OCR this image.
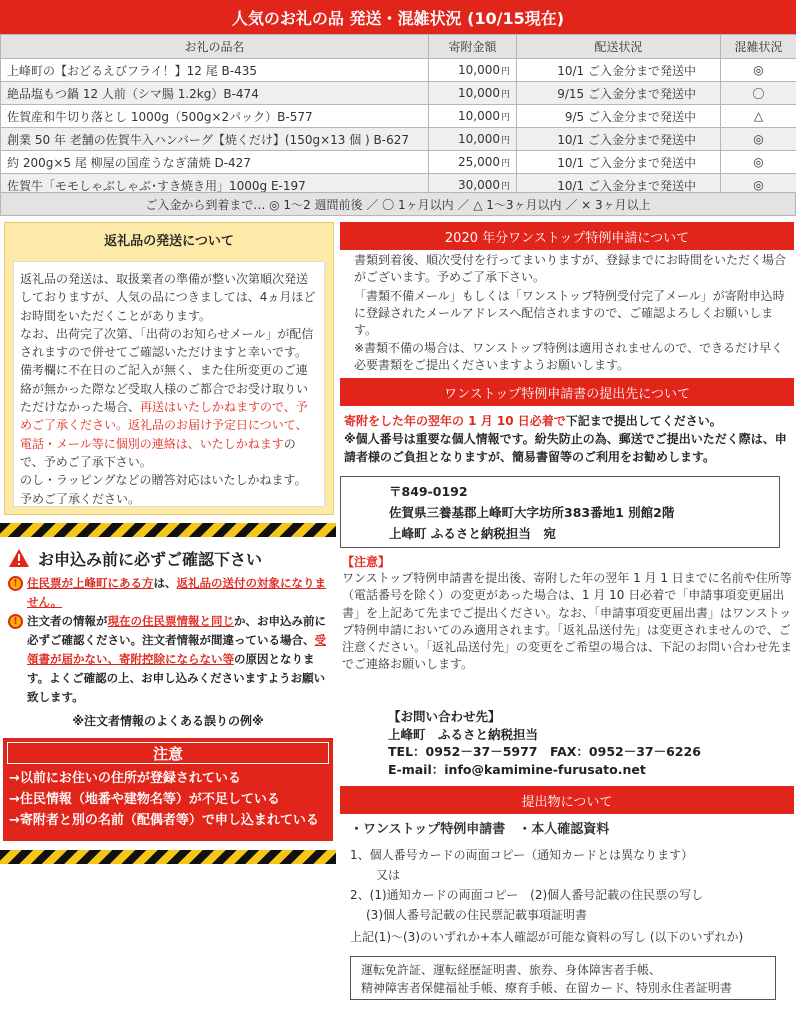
人気のお礼の品 発送・混雑状況 (10/15現在)
お礼の品名	寄附金額	配送状況	混雑状況
上峰町の【おどるえびフライ！】12 尾 B-435	10,000円	10/1 ご入金分まで発送中	◎
絶品塩もつ鍋 12 人前（シマ腸 1.2kg）B-474	10,000円	9/15 ご入金分まで発送中	〇
佐賀産和牛切り落とし 1000g（500g×2パック）B-577	10,000円	9/5 ご入金分まで発送中	△
創業 50 年 老舗の佐賀牛入ハンバーグ【焼くだけ】(150g×13 個 ) B-627	10,000円	10/1 ご入金分まで発送中	◎
約 200g×5 尾 柳屋の国産うなぎ蒲焼 D-427	25,000円	10/1 ご入金分まで発送中	◎
佐賀牛「モモしゃぶしゃぶ･すき焼き用」1000g E-197	30,000円	10/1 ご入金分まで発送中	◎
ご入金から到着まで… ◎ 1〜2 週間前後 ／ 〇 1ヶ月以内 ／ △ 1〜3ヶ月以内 ／ × 3ヶ月以上
返礼品の発送について

返礼品の発送は、取扱業者の準備が整い次第順次発送しておりますが、人気の品につきましては、4ヵ月ほどお時間をいただくことがあります。

なお、出荷完了次第、「出荷のお知らせメール」が配信されますので併せてご確認いただけますと幸いです。備考欄に不在日のご記入が無く、また住所変更のご連絡が無かった際など受取人様のご都合でお受け取りいただけなかった場合、再送はいたしかねますので、予めご了承ください。返礼品のお届け予定日について、電話・メール等に個別の連絡は、いたしかねますので、予めご了承下さい。

のし・ラッピングなどの贈答対応はいたしかねます。予めご了承ください。

お申込み前に必ずご確認下さい
! 住民票が上峰町にある方は、返礼品の送付の対象になりません。
! 注文者の情報が現在の住民票情報と同じか、お申込み前に必ずご確認ください。注文者情報が間違っている場合、受領書が届かない、寄附控除にならない等の原因となります。よくご確認の上、お申し込みくださいますようお願い致します。
※注文者情報のよくある誤りの例※
注意
→以前にお住いの住所が登録されている
→住民情報（地番や建物名等）が不足している
→寄附者と別の名前（配偶者等）で申し込まれている
2020 年分ワンストップ特例申請について
書類到着後、順次受付を行ってまいりますが、登録までにお時間をいただく場合がございます。予めご了承下さい。
「書類不備メール」もしくは「ワンストップ特例受付完了メール」が寄附申込時に登録されたメールアドレスへ配信されますので、ご確認よろしくお願いします。
※書類不備の場合は、ワンストップ特例は適用されませんので、できるだけ早く必要書類をご提出くださいますようお願いします。
ワンストップ特例申請書の提出先について
寄附をした年の翌年の 1 月 10 日必着で下記まで提出してください。
※個人番号は重要な個人情報です。紛失防止の為、郵送でご提出いただく際は、申請者様のご負担となりますが、簡易書留等のご利用をお勧めします。
〒849-0192
佐賀県三養基郡上峰町大字坊所383番地1 別館2階
上峰町 ふるさと納税担当　宛
【注意】
ワンストップ特例申請書を提出後、寄附した年の翌年 1 月 1 日までに名前や住所等（電話番号を除く）の変更があった場合は、1 月 10 日必着で「申請事項変更届出書」を上記あて先までご提出ください。なお、「申請事項変更届出書」はワンストップ特例申請においてのみ適用されます。「返礼品送付先」は変更されませんので、ご注意ください。「返礼品送付先」の変更をご希望の場合は、下記のお問い合わせ先までご連絡お願いします。
【お問い合わせ先】
上峰町　ふるさと納税担当
TEL：0952－37－5977　FAX：0952－37－6226
E-mail：info@kamimine-furusato.net
提出物について
・ワンストップ特例申請書　・本人確認資料
1、個人番号カードの両面コピー（通知カードとは異なります）
又は
2、(1)通知カードの両面コピー　(2)個人番号記載の住民票の写し
(3)個人番号記載の住民票記載事項証明書
上記(1)〜(3)のいずれか+本人確認が可能な資料の写し (以下のいずれか)
運転免許証、運転経歴証明書、旅券、身体障害者手帳、
精神障害者保健福祉手帳、療育手帳、在留カード、特別永住者証明書
